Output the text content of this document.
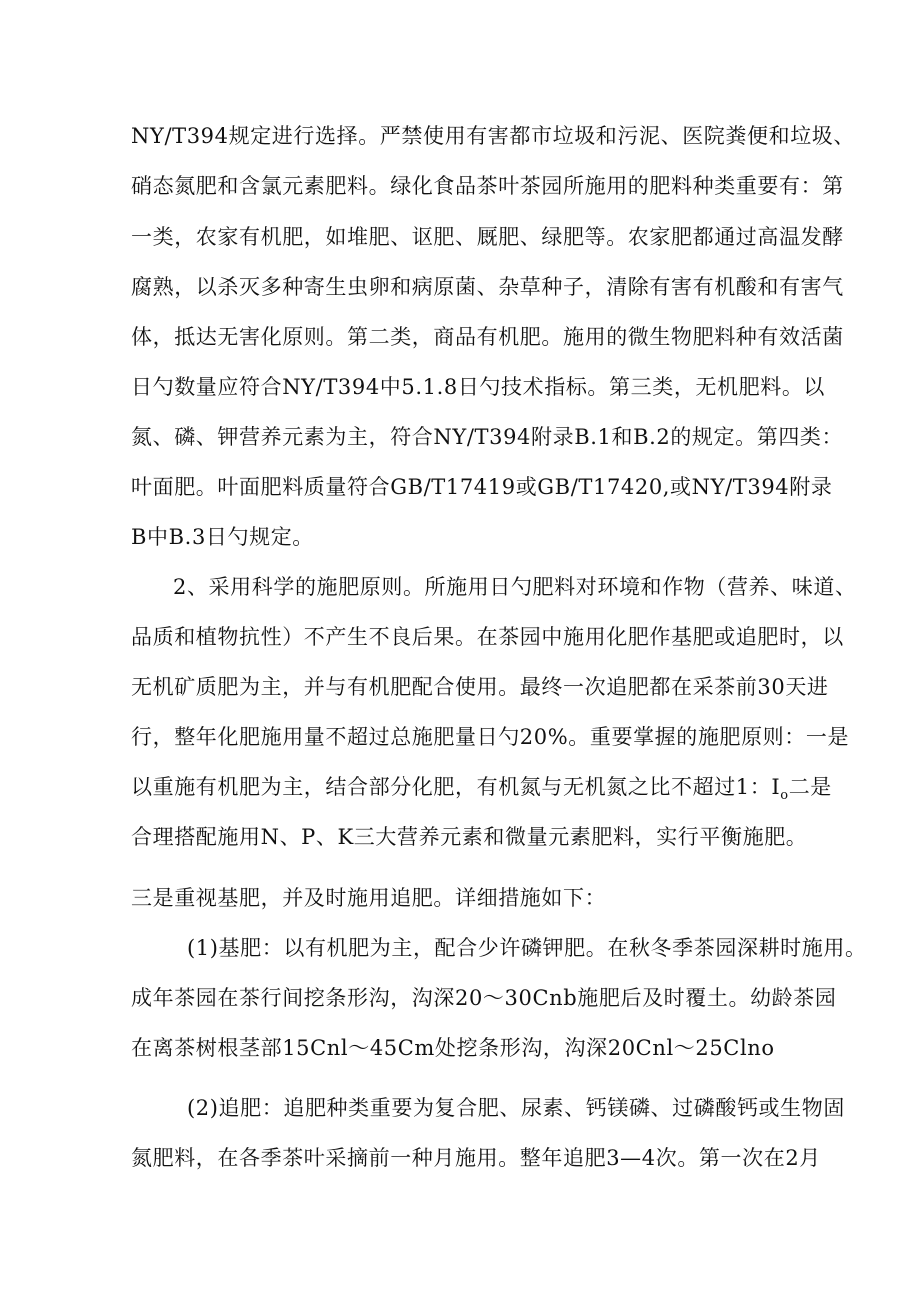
NY/T394规定进行选择。严禁使用有害都市垃圾和污泥、医院粪便和垃圾、
硝态氮肥和含氯元素肥料。绿化食品茶叶茶园所施用的肥料种类重要有：第
一类，农家有机肥，如堆肥、讴肥、厩肥、绿肥等。农家肥都通过高温发酵
腐熟，以杀灭多种寄生虫卵和病原菌、杂草种子，清除有害有机酸和有害气
体，抵达无害化原则。第二类，商品有机肥。施用的微生物肥料种有效活菌
日勺数量应符合NY/T394中5.1.8日勺技术指标。第三类，无机肥料。以
氮、磷、钾营养元素为主，符合NY/T394附录B.1和B.2的规定。第四类：
叶面肥。叶面肥料质量符合GB/T17419或GB/T17420,或NY/T394附录
B中B.3日勺规定。
2、采用科学的施肥原则。所施用日勺肥料对环境和作物（营养、味道、
品质和植物抗性）不产生不良后果。在茶园中施用化肥作基肥或追肥时，以
无机矿质肥为主，并与有机肥配合使用。最终一次追肥都在采茶前30天进
行，整年化肥施用量不超过总施肥量日勺20%。重要掌握的施肥原则：一是
以重施有机肥为主，结合部分化肥，有机氮与无机氮之比不超过1：$I_o$二是
合理搭配施用N、P、K三大营养元素和微量元素肥料，实行平衡施肥。
三是重视基肥，并及时施用追肥。详细措施如下：
(1)基肥：以有机肥为主，配合少许磷钾肥。在秋冬季茶园深耕时施用。
成年茶园在茶行间挖条形沟，沟深20～30Cnb施肥后及时覆土。幼龄茶园
在离茶树根茎部15Cnl～45Cm处挖条形沟，沟深20Cnl～25Clno
(2)追肥：追肥种类重要为复合肥、尿素、钙镁磷、过磷酸钙或生物固
氮肥料，在各季茶叶采摘前一种月施用。整年追肥3—4次。第一次在2月
